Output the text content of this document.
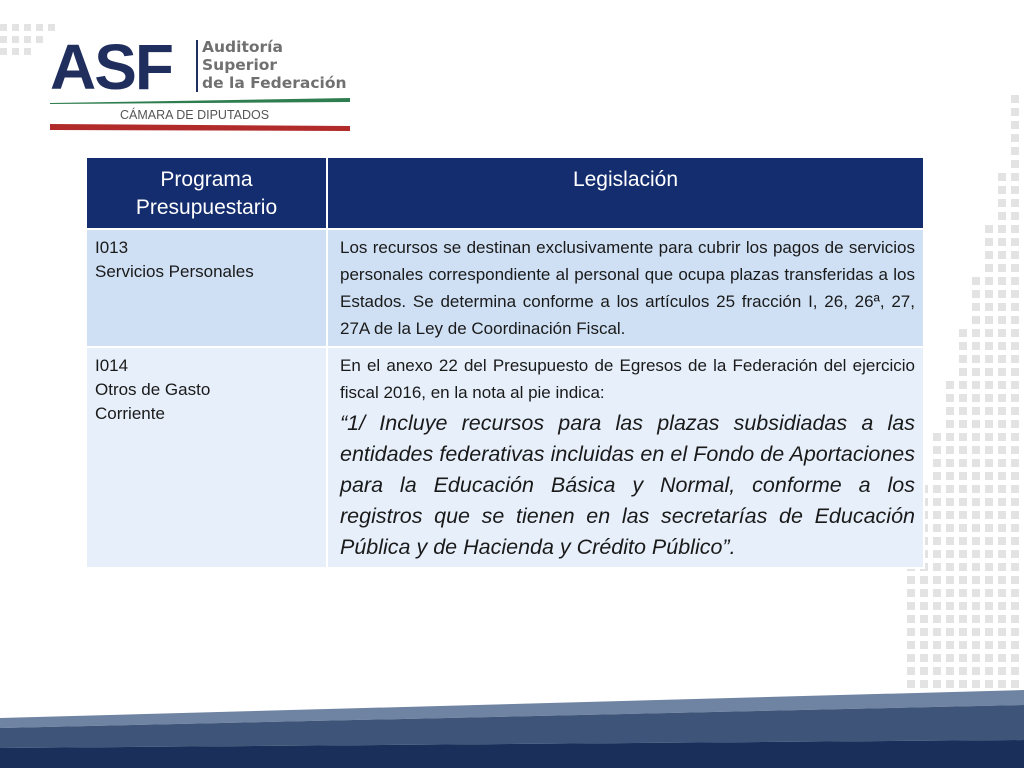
ASF Auditoría
Superior
de la Federación
CÁMARA DE DIPUTADOS
Programa Presupuestario	Legislación
I013Servicios Personales	Los recursos se destinan exclusivamente para cubrir los pagos de servicios personales correspondiente al personal que ocupa plazas transferidas a los Estados. Se determina conforme a los artículos 25 fracción I, 26, 26ª, 27, 27A de la Ley de Coordinación Fiscal.

I014Otros de Gasto Corriente	En el anexo 22 del Presupuesto de Egresos de la Federación del ejercicio fiscal 2016, en la nota al pie indica:
“1/ Incluye recursos para las plazas subsidiadas a las entidades federativas incluidas en el Fondo de Aportaciones para la Educación Básica y Normal, conforme a los registros que se tienen en las secretarías de Educación Pública y de Hacienda y Crédito Público”.
